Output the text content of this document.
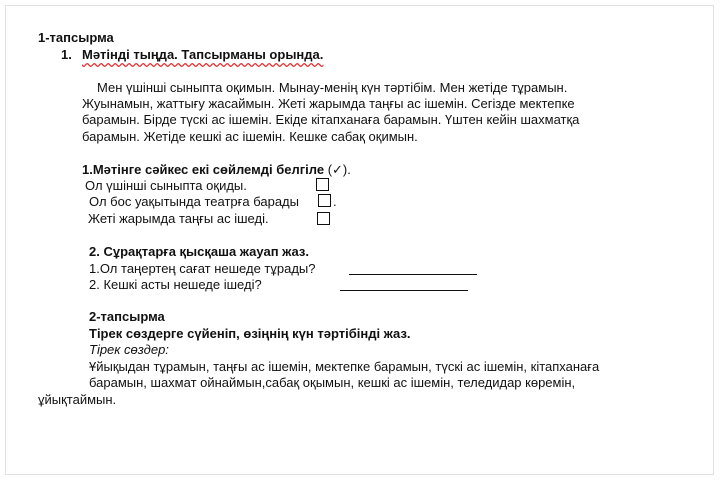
1-тапсырма
1. Мәтінді тыңда. Тапсырманы орында.
Мен үшінші сыныпта оқимын. Мынау-менің күн тәртібім. Мен жетіде тұрамын.
Жуынамын, жаттығу жасаймын. Жеті жарымда таңғы ас ішемін. Сегізде мектепке
барамын. Бірде түскі ас ішемін. Екіде кітапханаға барамын. Үштен кейін шахматқа
барамын. Жетіде кешкі ас ішемін. Кешке сабақ оқимын.
1.Мәтінге сәйкес екі сөйлемді белгіле (✓).
Ол үшінші сыныпта оқиды.
Ол бос уақытында театрға барады	.
Жеті жарымда таңғы ас ішеді.
2. Сұрақтарға қысқаша жауап жаз.
1.Ол таңертең сағат нешеде тұрады?
2. Кешкі асты нешеде ішеді?
2-тапсырма
Тірек сөздерге сүйеніп, өзіңнің күн тәртібінді жаз.
Тірек сөздер:
Ұйықыдан тұрамын, таңғы ас ішемін, мектепке барамын, түскі ас ішемін, кітапханаға
барамын, шахмат ойнаймын,сабақ оқымын, кешкі ас ішемін, теледидар көремін,
ұйықтаймын.
